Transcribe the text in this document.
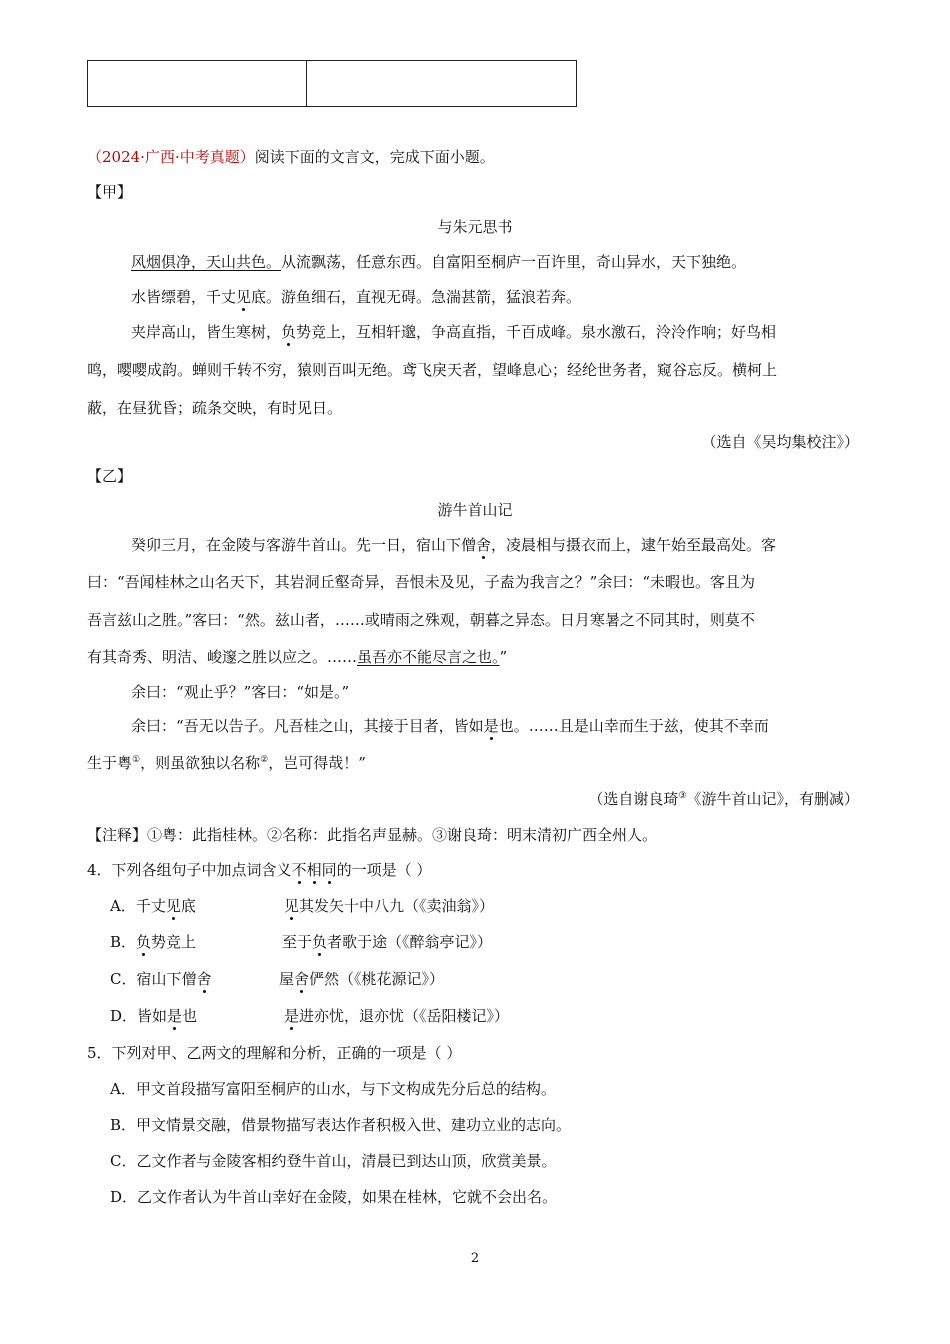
（2024·广西·中考真题）阅读下面的文言文，完成下面小题。
【甲】
与朱元思书
风烟俱净，天山共色。从流飘荡，任意东西。自富阳至桐庐一百许里，奇山异水，天下独绝。
水皆缥碧，千丈见底。游鱼细石，直视无碍。急湍甚箭，猛浪若奔。
夹岸高山，皆生寒树，负势竞上，互相轩邈，争高直指，千百成峰。泉水激石，泠泠作响；好鸟相
鸣，嘤嘤成韵。蝉则千转不穷，猿则百叫无绝。鸢飞戾天者，望峰息心；经纶世务者，窥谷忘反。横柯上
蔽，在昼犹昏；疏条交映，有时见日。
（选自《吴均集校注》）
【乙】
游牛首山记
癸卯三月，在金陵与客游牛首山。先一日，宿山下僧舍，凌晨相与摄衣而上，逮午始至最高处。客
曰：“吾闻桂林之山名天下，其岩洞丘壑奇异，吾恨未及见，子盍为我言之？”余曰：“未暇也。客且为
吾言兹山之胜。”客曰：“然。兹山者，……或晴雨之殊观，朝暮之异态。日月寒暑之不同其时，则莫不
有其奇秀、明洁、峻邃之胜以应之。……虽吾亦不能尽言之也。”
余曰：“观止乎？”客曰：“如是。”
余曰：“吾无以告子。凡吾桂之山，其接于目者，皆如是也。……且是山幸而生于兹，使其不幸而
生于粤①，则虽欲独以名称②，岂可得哉！”
（选自谢良琦③《游牛首山记》，有删减）
【注释】①粤：此指桂林。②名称：此指名声显赫。③谢良琦：明末清初广西全州人。
4．下列各组句子中加点词含义不相同的一项是（ ）
A．千丈见底	见其发矢十中八九（《卖油翁》）
B．负势竞上	至于负者歌于途（《醉翁亭记》）
C．宿山下僧舍	屋舍俨然（《桃花源记》）
D．皆如是也	是进亦忧，退亦忧（《岳阳楼记》）
5．下列对甲、乙两文的理解和分析，正确的一项是（ ）
A．甲文首段描写富阳至桐庐的山水，与下文构成先分后总的结构。
B．甲文情景交融，借景物描写表达作者积极入世、建功立业的志向。
C．乙文作者与金陵客相约登牛首山，清晨已到达山顶，欣赏美景。
D．乙文作者认为牛首山幸好在金陵，如果在桂林，它就不会出名。
2
